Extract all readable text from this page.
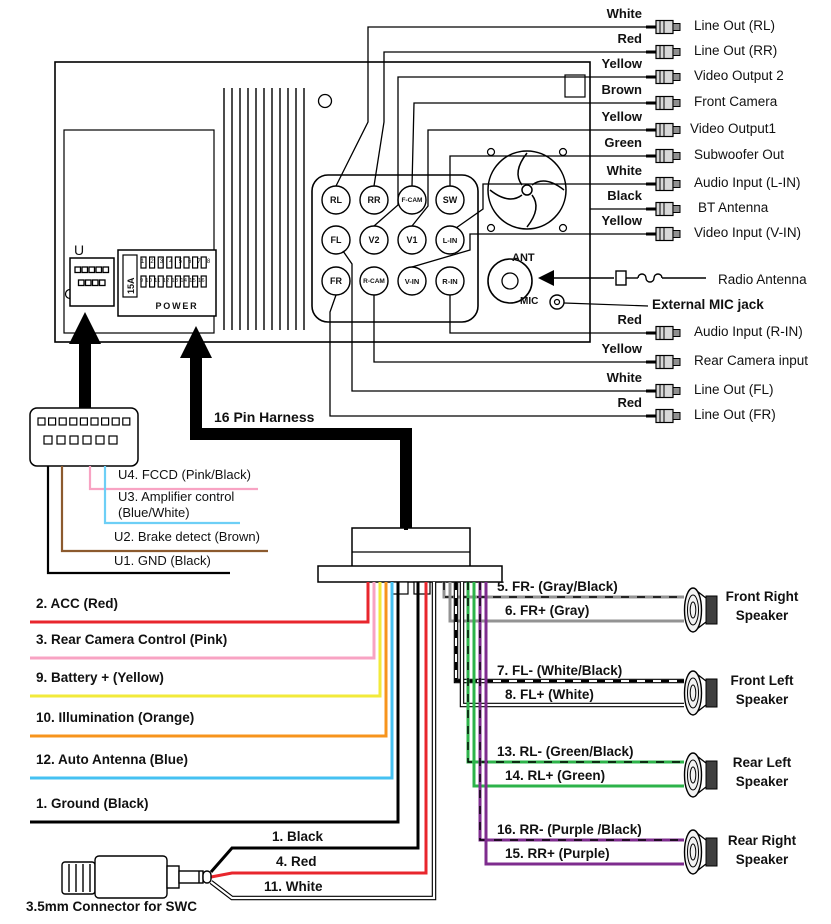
U
POWER
15A
1 2 3 4 5 6 7 8
9 10 11 12 13 14 15 16
ANT
MIC
RL	RR	F-CAM	SW
FL	V2	V1	L-IN
FR	R-CAM	V-IN	R-IN
White
Red
Yellow
Brown
Yellow
Green
White
Black
Yellow
Red
Yellow
White
Red
Line Out (RL)
Line Out (RR)
Video Output 2
Front Camera
Video Output1
Subwoofer Out
Audio Input (L-IN)
BT Antenna
Video Input (V-IN)
Radio Antenna
External MIC jack
Audio Input (R-IN)
Rear Camera input
Line Out (FL)
Line Out (FR)
U4. FCCD (Pink/Black)
U3. Amplifier control
(Blue/White)
U2. Brake detect (Brown)
U1. GND (Black)
16 Pin Harness
2. ACC (Red)
3. Rear Camera Control (Pink)
9. Battery + (Yellow)
10. Illumination (Orange)
12. Auto Antenna (Blue)
1. Ground (Black)
5. FR- (Gray/Black)
6. FR+ (Gray)
Front Right Speaker
7. FL- (White/Black)
8. FL+ (White)
Front Left Speaker
13. RL- (Green/Black)
14. RL+ (Green)
Rear Left Speaker
16. RR- (Purple /Black)
15. RR+ (Purple)
Rear Right Speaker
1. Black
4. Red
11. White
3.5mm Connector for SWC
